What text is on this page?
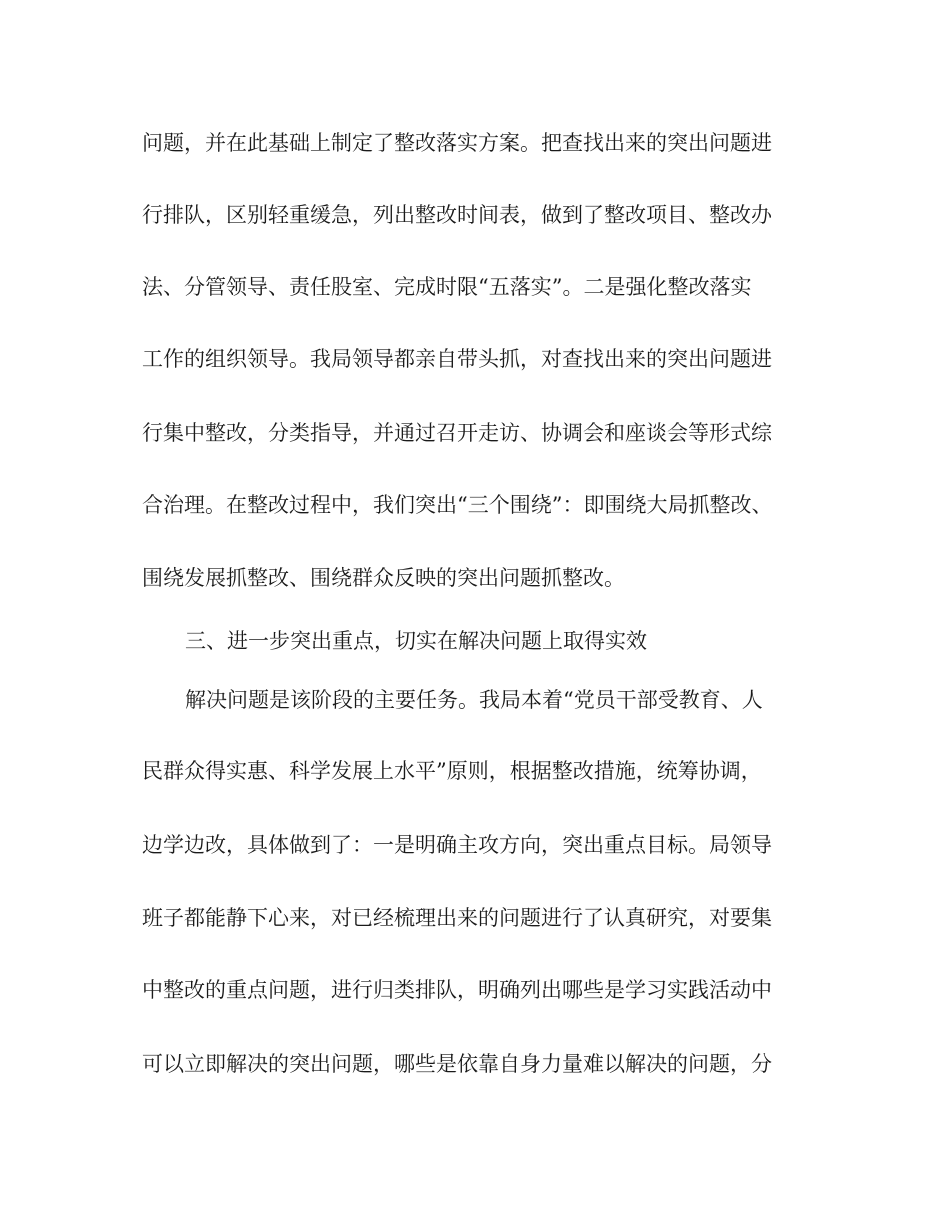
问题，并在此基础上制定了整改落实方案。把查找出来的突出问题进
行排队，区别轻重缓急，列出整改时间表，做到了整改项目、整改办
法、分管领导、责任股室、完成时限“五落实”。二是强化整改落实
工作的组织领导。我局领导都亲自带头抓，对查找出来的突出问题进
行集中整改，分类指导，并通过召开走访、协调会和座谈会等形式综
合治理。在整改过程中，我们突出“三个围绕”：即围绕大局抓整改、
围绕发展抓整改、围绕群众反映的突出问题抓整改。
三、进一步突出重点，切实在解决问题上取得实效
解决问题是该阶段的主要任务。我局本着“党员干部受教育、人
民群众得实惠、科学发展上水平”原则，根据整改措施，统筹协调，
边学边改，具体做到了：一是明确主攻方向，突出重点目标。局领导
班子都能静下心来，对已经梳理出来的问题进行了认真研究，对要集
中整改的重点问题，进行归类排队，明确列出哪些是学习实践活动中
可以立即解决的突出问题，哪些是依靠自身力量难以解决的问题，分
